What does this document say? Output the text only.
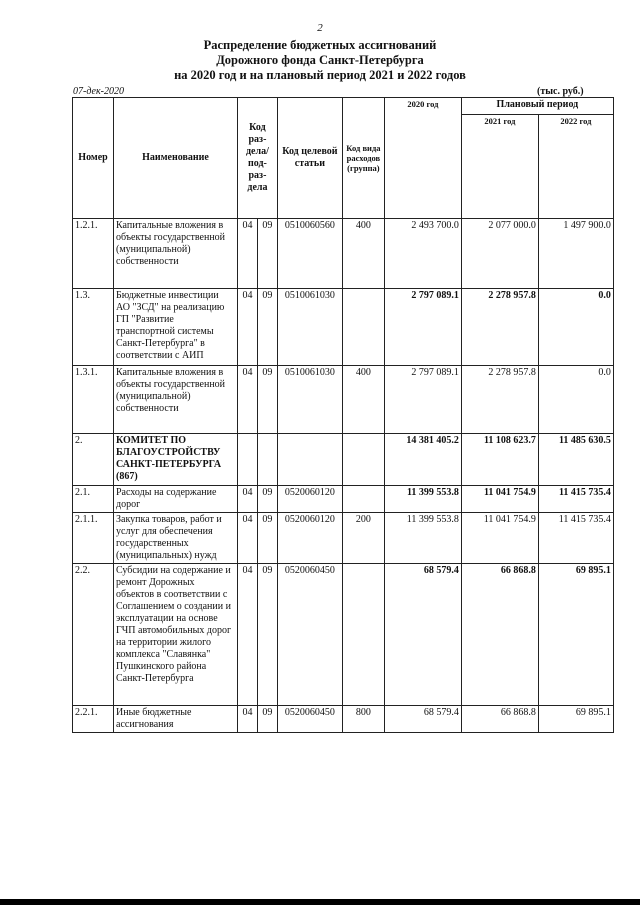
2
Распределение бюджетных ассигнований
Дорожного фонда Санкт-Петербурга
на 2020 год и на плановый период 2021 и 2022 годов
07-дек-2020	(тыс. руб.)
Номер	Наименование	Код раз- дела/ под- раз- дела		Код целевой статьи	Код вида расходов (группа)	2020 год	Плановый период	
							2021 год	2022 год
1.2.1.	Капитальные вложения в объекты государственной (муниципальной) собственности	04	09	0510060560	400	2 493 700.0	2 077 000.0	1 497 900.0
1.3.	Бюджетные инвестиции АО "ЗСД" на реализацию ГП "Развитие транспортной системы Санкт-Петербурга" в соответствии с АИП	04	09	0510061030		2 797 089.1	2 278 957.8	0.0
1.3.1.	Капитальные вложения в объекты государственной (муниципальной) собственности	04	09	0510061030	400	2 797 089.1	2 278 957.8	0.0
2.	КОМИТЕТ ПО БЛАГОУСТРОЙСТВУ САНКТ-ПЕТЕРБУРГА (867)					14 381 405.2	11 108 623.7	11 485 630.5
2.1.	Расходы на содержание дорог	04	09	0520060120		11 399 553.8	11 041 754.9	11 415 735.4
2.1.1.	Закупка товаров, работ и услуг для обеспечения государственных (муниципальных) нужд	04	09	0520060120	200	11 399 553.8	11 041 754.9	11 415 735.4
2.2.	Субсидии на содержание и ремонт Дорожных объектов в соответствии с Соглашением о создании и эксплуатации на основе ГЧП автомобильных дорог на территории жилого комплекса "Славянка" Пушкинского района Санкт-Петербурга	04	09	0520060450		68 579.4	66 868.8	69 895.1
2.2.1.	Иные бюджетные ассигнования	04	09	0520060450	800	68 579.4	66 868.8	69 895.1
